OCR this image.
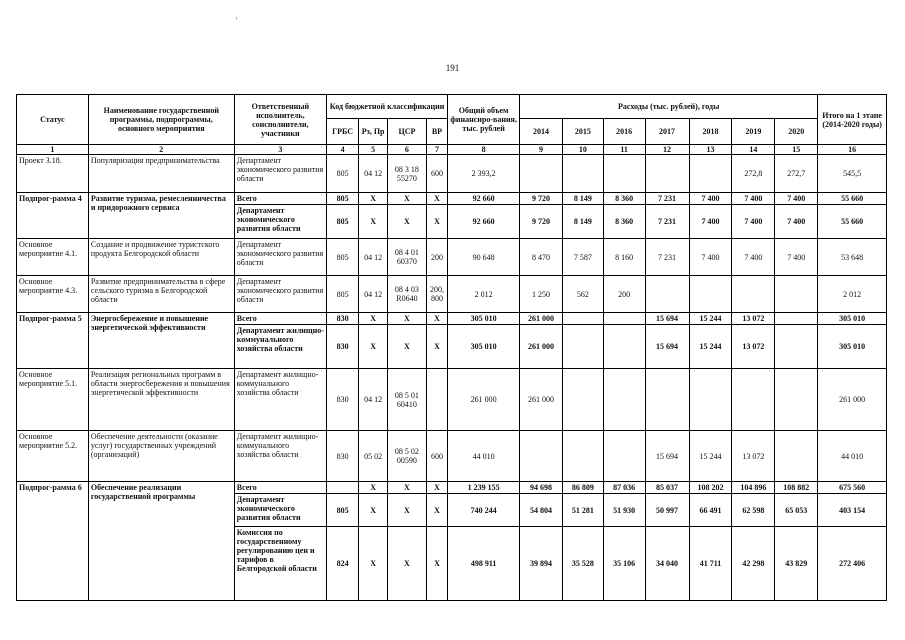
'
191
Статус	Наименование государственной программы, подпрограммы, основного мероприятия	Ответственный исполнитель, соисполнители, участники	Код бюджетной классификации				Общий объем финансиро-вания, тыс. рублей	Расходы (тыс. рублей), годы							Итого на 1 этапе (2014-2020 годы)
			ГРБС	Рз, Пр	ЦСР	ВР		2014	2015	2016	2017	2018	2019	2020	
1	2	3	4	5	6	7	8	9	10	11	12	13	14	15	16
Проект 3.18.	Популяризация предпринимательства	Департамент экономического развития области	805	04 12	08 3 18 55270	600	2 393,2						272,8	272,7	545,5
Подпрог-рамма 4	Развитие туризма, ремесленничества и придорожного сервиса	Всего	805	X	X	X	92 660	9 720	8 149	8 360	7 231	7 400	7 400	7 400	55 660
		Департамент экономического развития области	805	X	X	X	92 660	9 720	8 149	8 360	7 231	7 400	7 400	7 400	55 660
Основное мероприятие 4.1.	Создание и продвижение туристского продукта Белгородской области	Департамент экономического развития области	805	04 12	08 4 01 60370	200	90 648	8 470	7 587	8 160	7 231	7 400	7 400	7 400	53 648
Основное мероприятие 4.3.	Развитие предпринимательства в сфере сельского туризма в Белгородской области	Департамент экономического развития области	805	04 12	08 4 03 R0640	200, 800	2 012	1 250	562	200					2 012
Подпрог-рамма 5	Энергосбережение и повышение энергетической эффективности	Всего	830	X	X	X	305 010	261 000			15 694	15 244	13 072		305 010
		Департамент жилищно-коммунального хозяйства области	830	X	X	X	305 010	261 000			15 694	15 244	13 072		305 010
Основное мероприятие 5.1.	Реализация региональных программ в области энергосбережения и повышения энергетической эффективности	Департамент жилищно-коммунального хозяйства области	830	04 12	08 5 01 60410		261 000	261 000							261 000
Основное мероприятие 5.2.	Обеспечение деятельности (оказание услуг) государственных учреждений (организаций)	Департамент жилищно-коммунального хозяйства области	830	05 02	08 5 02 00590	600	44 010				15 694	15 244	13 072		44 010
Подпрог-рамма 6	Обеспечение реализации государственной программы	Всего		X	X	X	1 239 155	94 698	86 809	87 036	85 037	108 202	104 896	108 882	675 560
		Департамент экономического развития области	805	X	X	X	740 244	54 804	51 281	51 930	50 997	66 491	62 598	65 053	403 154
		Комиссия по государственному регулированию цен и тарифов в Белгородской области	824	X	X	X	498 911	39 894	35 528	35 106	34 040	41 711	42 298	43 829	272 406
